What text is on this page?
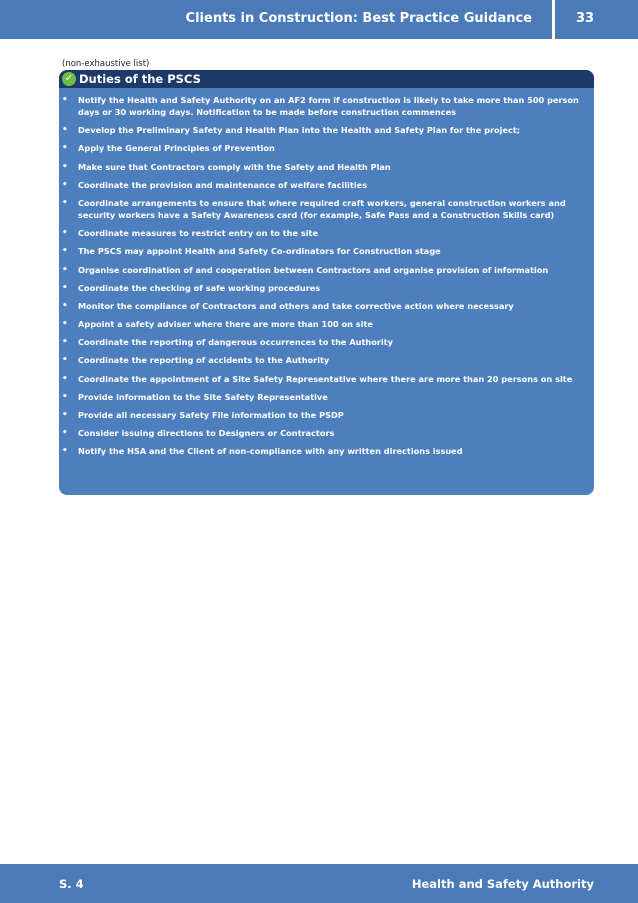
Clients in Construction: Best Practice Guidance	33
(non-exhaustive list)
✓ Duties of the PSCS
• Notify the Health and Safety Authority on an AF2 form if construction is likely to take more than 500 person days or 30 working days. Notification to be made before construction commences
• Develop the Preliminary Safety and Health Plan into the Health and Safety Plan for the project;
• Apply the General Principles of Prevention
• Make sure that Contractors comply with the Safety and Health Plan
• Coordinate the provision and maintenance of welfare facilities
• Coordinate arrangements to ensure that where required craft workers, general construction workers and security workers have a Safety Awareness card (for example, Safe Pass and a Construction Skills card)
• Coordinate measures to restrict entry on to the site
• The PSCS may appoint Health and Safety Co-ordinators for Construction stage
• Organise coordination of and cooperation between Contractors and organise provision of information
• Coordinate the checking of safe working procedures
• Monitor the compliance of Contractors and others and take corrective action where necessary
• Appoint a safety adviser where there are more than 100 on site
• Coordinate the reporting of dangerous occurrences to the Authority
• Coordinate the reporting of accidents to the Authority
• Coordinate the appointment of a Site Safety Representative where there are more than 20 persons on site
• Provide information to the Site Safety Representative
• Provide all necessary Safety File information to the PSDP
• Consider issuing directions to Designers or Contractors
• Notify the HSA and the Client of non-compliance with any written directions issued
S. 4	Health and Safety Authority
